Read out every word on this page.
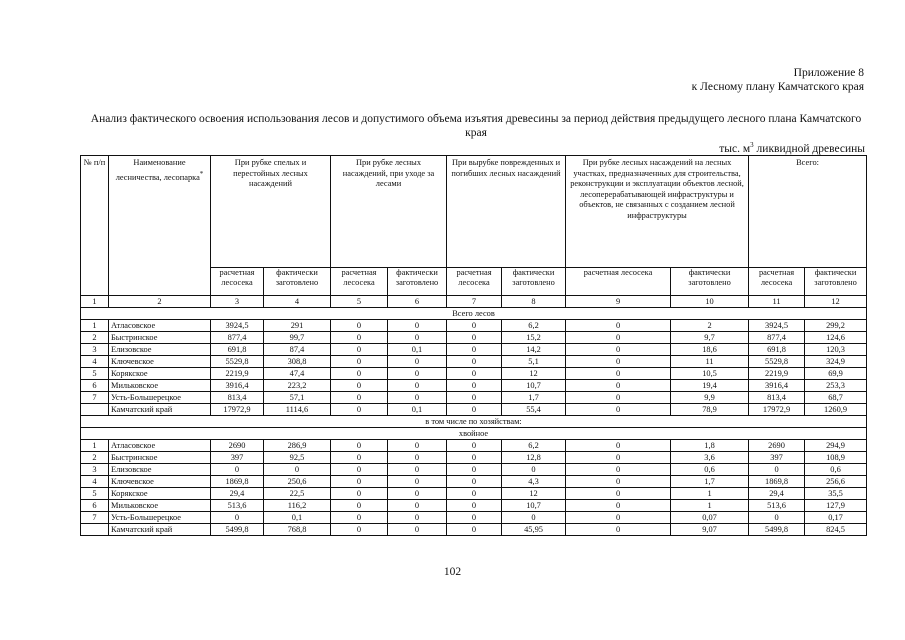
Приложение 8
к Лесному плану Камчатского края
Анализ фактического освоения использования лесов и допустимого объема изъятия древесины за период действия предыдущего лесного плана Камчатского края
тыс. $м^3$ ликвидной древесины
№ п/п	Наименование лесничества, лесопарка*	При рубке спелых и перестойных лесных насаждений		При рубке лесных насаждений, при уходе за лесами		При вырубке поврежденных и погибших лесных насаждений		При рубке лесных насаждений на лесных участках, предназначенных для строительства, реконструкции и эксплуатации объектов лесной, лесоперерабатывающей инфраструктуры и объектов, не связанных с созданием лесной инфраструктуры		Всего:	
		расчетная лесосека	фактически заготовлено	расчетная лесосека	фактически заготовлено	расчетная лесосека	фактически заготовлено	расчетная лесосека	фактически заготовлено	расчетная лесосека	фактически заготовлено
1	2	3	4	5	6	7	8	9	10	11	12
Всего лесов											
1	Атласовское	3924,5	291	0	0	0	6,2	0	2	3924,5	299,2
2	Быстринское	877,4	99,7	0	0	0	15,2	0	9,7	877,4	124,6
3	Елизовское	691,8	87,4	0	0,1	0	14,2	0	18,6	691,8	120,3
4	Ключевское	5529,8	308,8	0	0	0	5,1	0	11	5529,8	324,9
5	Корякское	2219,9	47,4	0	0	0	12	0	10,5	2219,9	69,9
6	Мильковское	3916,4	223,2	0	0	0	10,7	0	19,4	3916,4	253,3
7	Усть-Большерецкое	813,4	57,1	0	0	0	1,7	0	9,9	813,4	68,7
	Камчатский край	17972,9	1114,6	0	0,1	0	55,4	0	78,9	17972,9	1260,9
в том числе по хозяйствам:											
хвойное											
1	Атласовское	2690	286,9	0	0	0	6,2	0	1,8	2690	294,9
2	Быстринское	397	92,5	0	0	0	12,8	0	3,6	397	108,9
3	Елизовское	0	0	0	0	0	0	0	0,6	0	0,6
4	Ключевское	1869,8	250,6	0	0	0	4,3	0	1,7	1869,8	256,6
5	Корякское	29,4	22,5	0	0	0	12	0	1	29,4	35,5
6	Мильковское	513,6	116,2	0	0	0	10,7	0	1	513,6	127,9
7	Усть-Большерецкое	0	0,1	0	0	0	0	0	0,07	0	0,17
	Камчатский край	5499,8	768,8	0	0	0	45,95	0	9,07	5499,8	824,5
102
